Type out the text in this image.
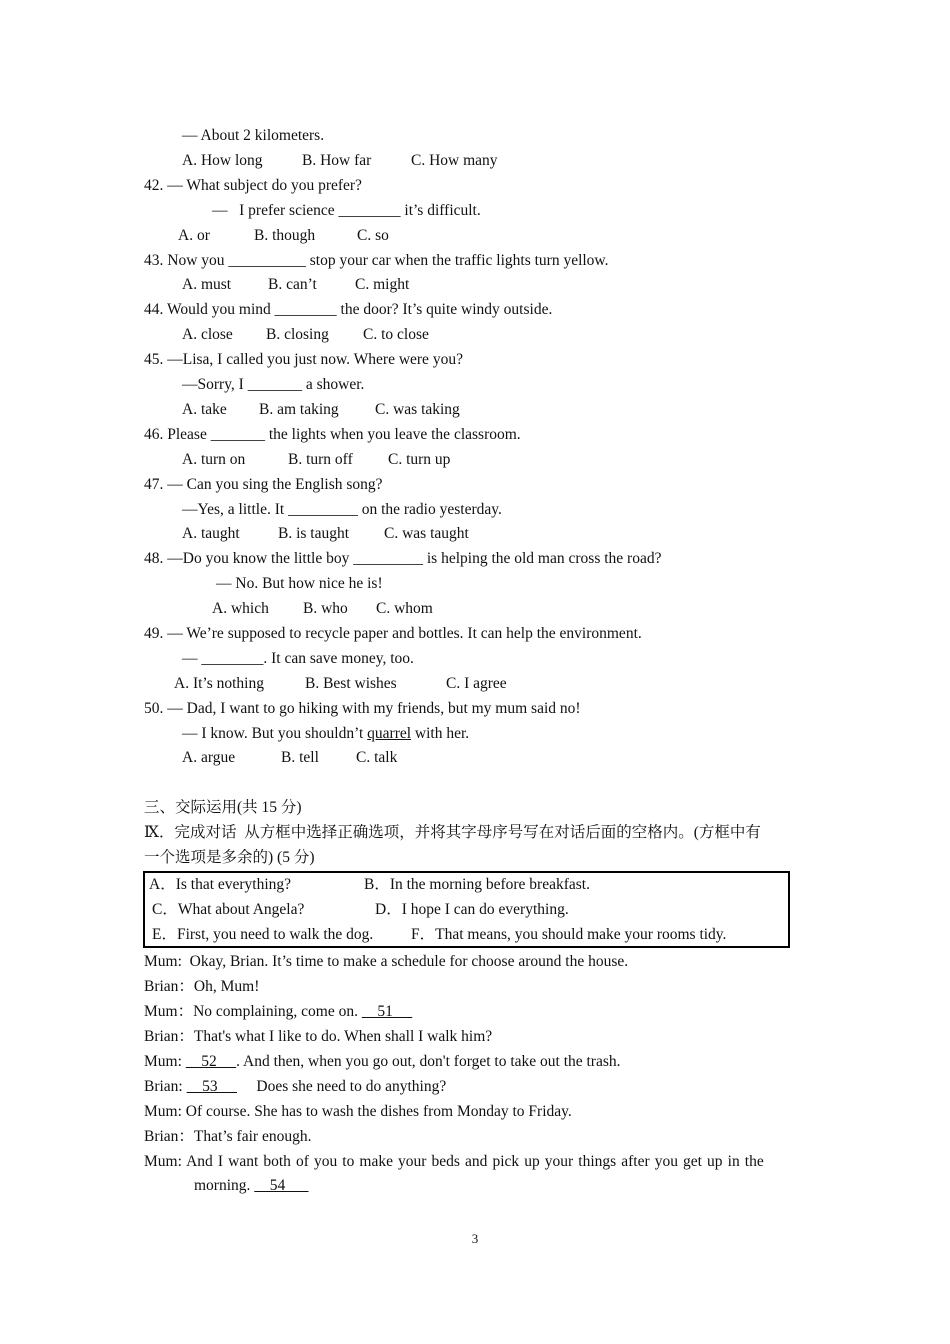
— About 2 kilometers.
A. How long	B. How far	C. How many
42. — What subject do you prefer?
—   I prefer science ________ it’s difficult.
A. or	B. though	C. so
43. Now you __________ stop your car when the traffic lights turn yellow.
A. must B. can’t C. might
44. Would you mind ________ the door? It’s quite windy outside.
A. close B. closing C. to close
45. —Lisa, I called you just now. Where were you?
—Sorry, I _______ a shower.
A. take B. am taking C. was taking
46. Please _______ the lights when you leave the classroom.
A. turn on	B. turn off C. turn up
47. — Can you sing the English song?
—Yes, a little. It _________ on the radio yesterday.
A. taught B. is taught C. was taught
48. —Do you know the little boy _________ is helping the old man cross the road?
— No. But how nice he is!
A. which B. who C. whom
49. — We’re supposed to recycle paper and bottles. It can help the environment.
— ________. It can save money, too.
A. It’s nothing	B. Best wishes	C. I agree
50. — Dad, I want to go hiking with my friends, but my mum said no!
— I know. But you shouldn’t quarrel with her.
A. argue	B. tell C. talk
三、交际运用(共 15 分)
Ⅸ．完成对话  从方框中选择正确选项，并将其字母序号写在对话后面的空格内。(方框中有
一个选项是多余的) (5 分)
A．Is that everything?	B．In the morning before breakfast.
C．What about Angela?	D．I hope I can do everything.
E．First, you need to walk the dog. F．That means, you should make your rooms tidy.
Mum:  Okay, Brian. It’s time to make a schedule for choose around the house.
Brian：Oh, Mum!
Mum：No complaining, come on.     51
Brian：That's what I like to do. When shall I walk him?
Mum:     52     . And then, when you go out, don't forget to take out the trash.
Brian:     53          Does she need to do anything?
Mum: Of course. She has to wash the dishes from Monday to Friday.
Brian：That’s fair enough.
Mum: And I want both of you to make your beds and pick up your things after you get up in the
morning.     54
3
